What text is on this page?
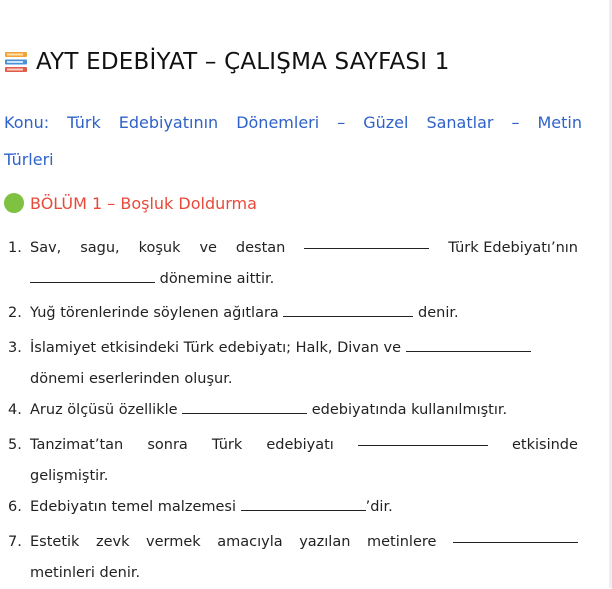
AYT EDEBİYAT – ÇALIŞMA SAYFASI 1
Konu: Türk Edebiyatının Dönemleri – Güzel Sanatlar – Metin
Türleri
BÖLÜM 1 – Boşluk Doldurma
1. Sav, sagu, koşuk ve destan	Türk Edebiyatı’nın
dönemine aittir.
2. Yuğ törenlerinde söylenen ağıtlara	denir.
3. İslamiyet etkisindeki Türk edebiyatı; Halk, Divan ve
dönemi eserlerinden oluşur.
4. Aruz ölçüsü özellikle	edebiyatında kullanılmıştır.
5. Tanzimat’tan sonra Türk edebiyatı	etkisinde
gelişmiştir.
6. Edebiyatın temel malzemesi	’dir.
7. Estetik zevk vermek amacıyla yazılan metinlere
metinleri denir.
